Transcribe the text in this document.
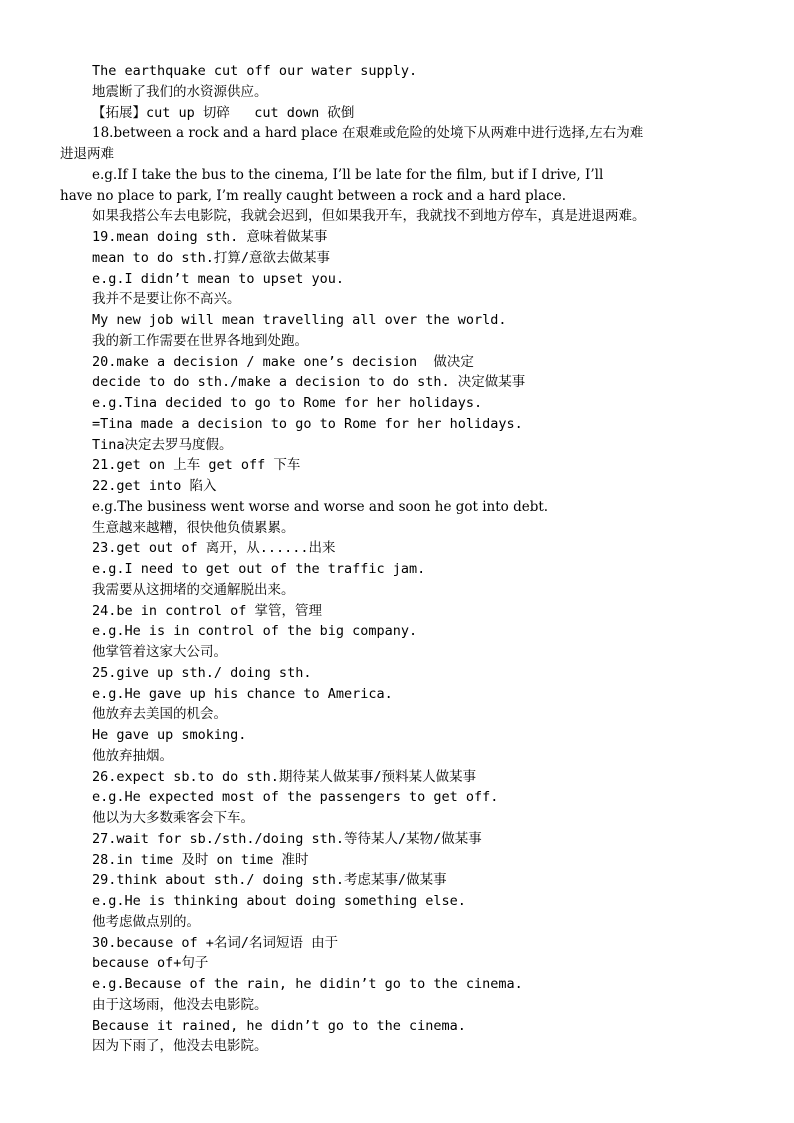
The earthquake cut off our water supply.
地震断了我们的水资源供应。
【拓展】cut up 切碎   cut down 砍倒
18.between a rock and a hard place 在艰难或危险的处境下从两难中进行选择,左右为难
进退两难
e.g.If I take the bus to the cinema, I’ll be late for the film, but if I drive, I’ll
have no place to park, I’m really caught between a rock and a hard place.
如果我搭公车去电影院，我就会迟到，但如果我开车，我就找不到地方停车，真是进退两难。
19.mean doing sth. 意味着做某事
mean to do sth.打算/意欲去做某事
e.g.I didn’t mean to upset you.
我并不是要让你不高兴。
My new job will mean travelling all over the world.
我的新工作需要在世界各地到处跑。
20.make a decision / make one’s decision  做决定
decide to do sth./make a decision to do sth. 决定做某事
e.g.Tina decided to go to Rome for her holidays.
=Tina made a decision to go to Rome for her holidays.
Tina决定去罗马度假。
21.get on 上车 get off 下车
22.get into 陷入
e.g.The business went worse and worse and soon he got into debt.
生意越来越糟，很快他负债累累。
23.get out of 离开，从......出来
e.g.I need to get out of the traffic jam.
我需要从这拥堵的交通解脱出来。
24.be in control of 掌管，管理
e.g.He is in control of the big company.
他掌管着这家大公司。
25.give up sth./ doing sth.
e.g.He gave up his chance to America.
他放弃去美国的机会。
He gave up smoking.
他放弃抽烟。
26.expect sb.to do sth.期待某人做某事/预料某人做某事
e.g.He expected most of the passengers to get off.
他以为大多数乘客会下车。
27.wait for sb./sth./doing sth.等待某人/某物/做某事
28.in time 及时 on time 准时
29.think about sth./ doing sth.考虑某事/做某事
e.g.He is thinking about doing something else.
他考虑做点别的。
30.because of +名词/名词短语 由于
because of+句子
e.g.Because of the rain, he didin’t go to the cinema.
由于这场雨，他没去电影院。
Because it rained, he didn’t go to the cinema.
因为下雨了，他没去电影院。
